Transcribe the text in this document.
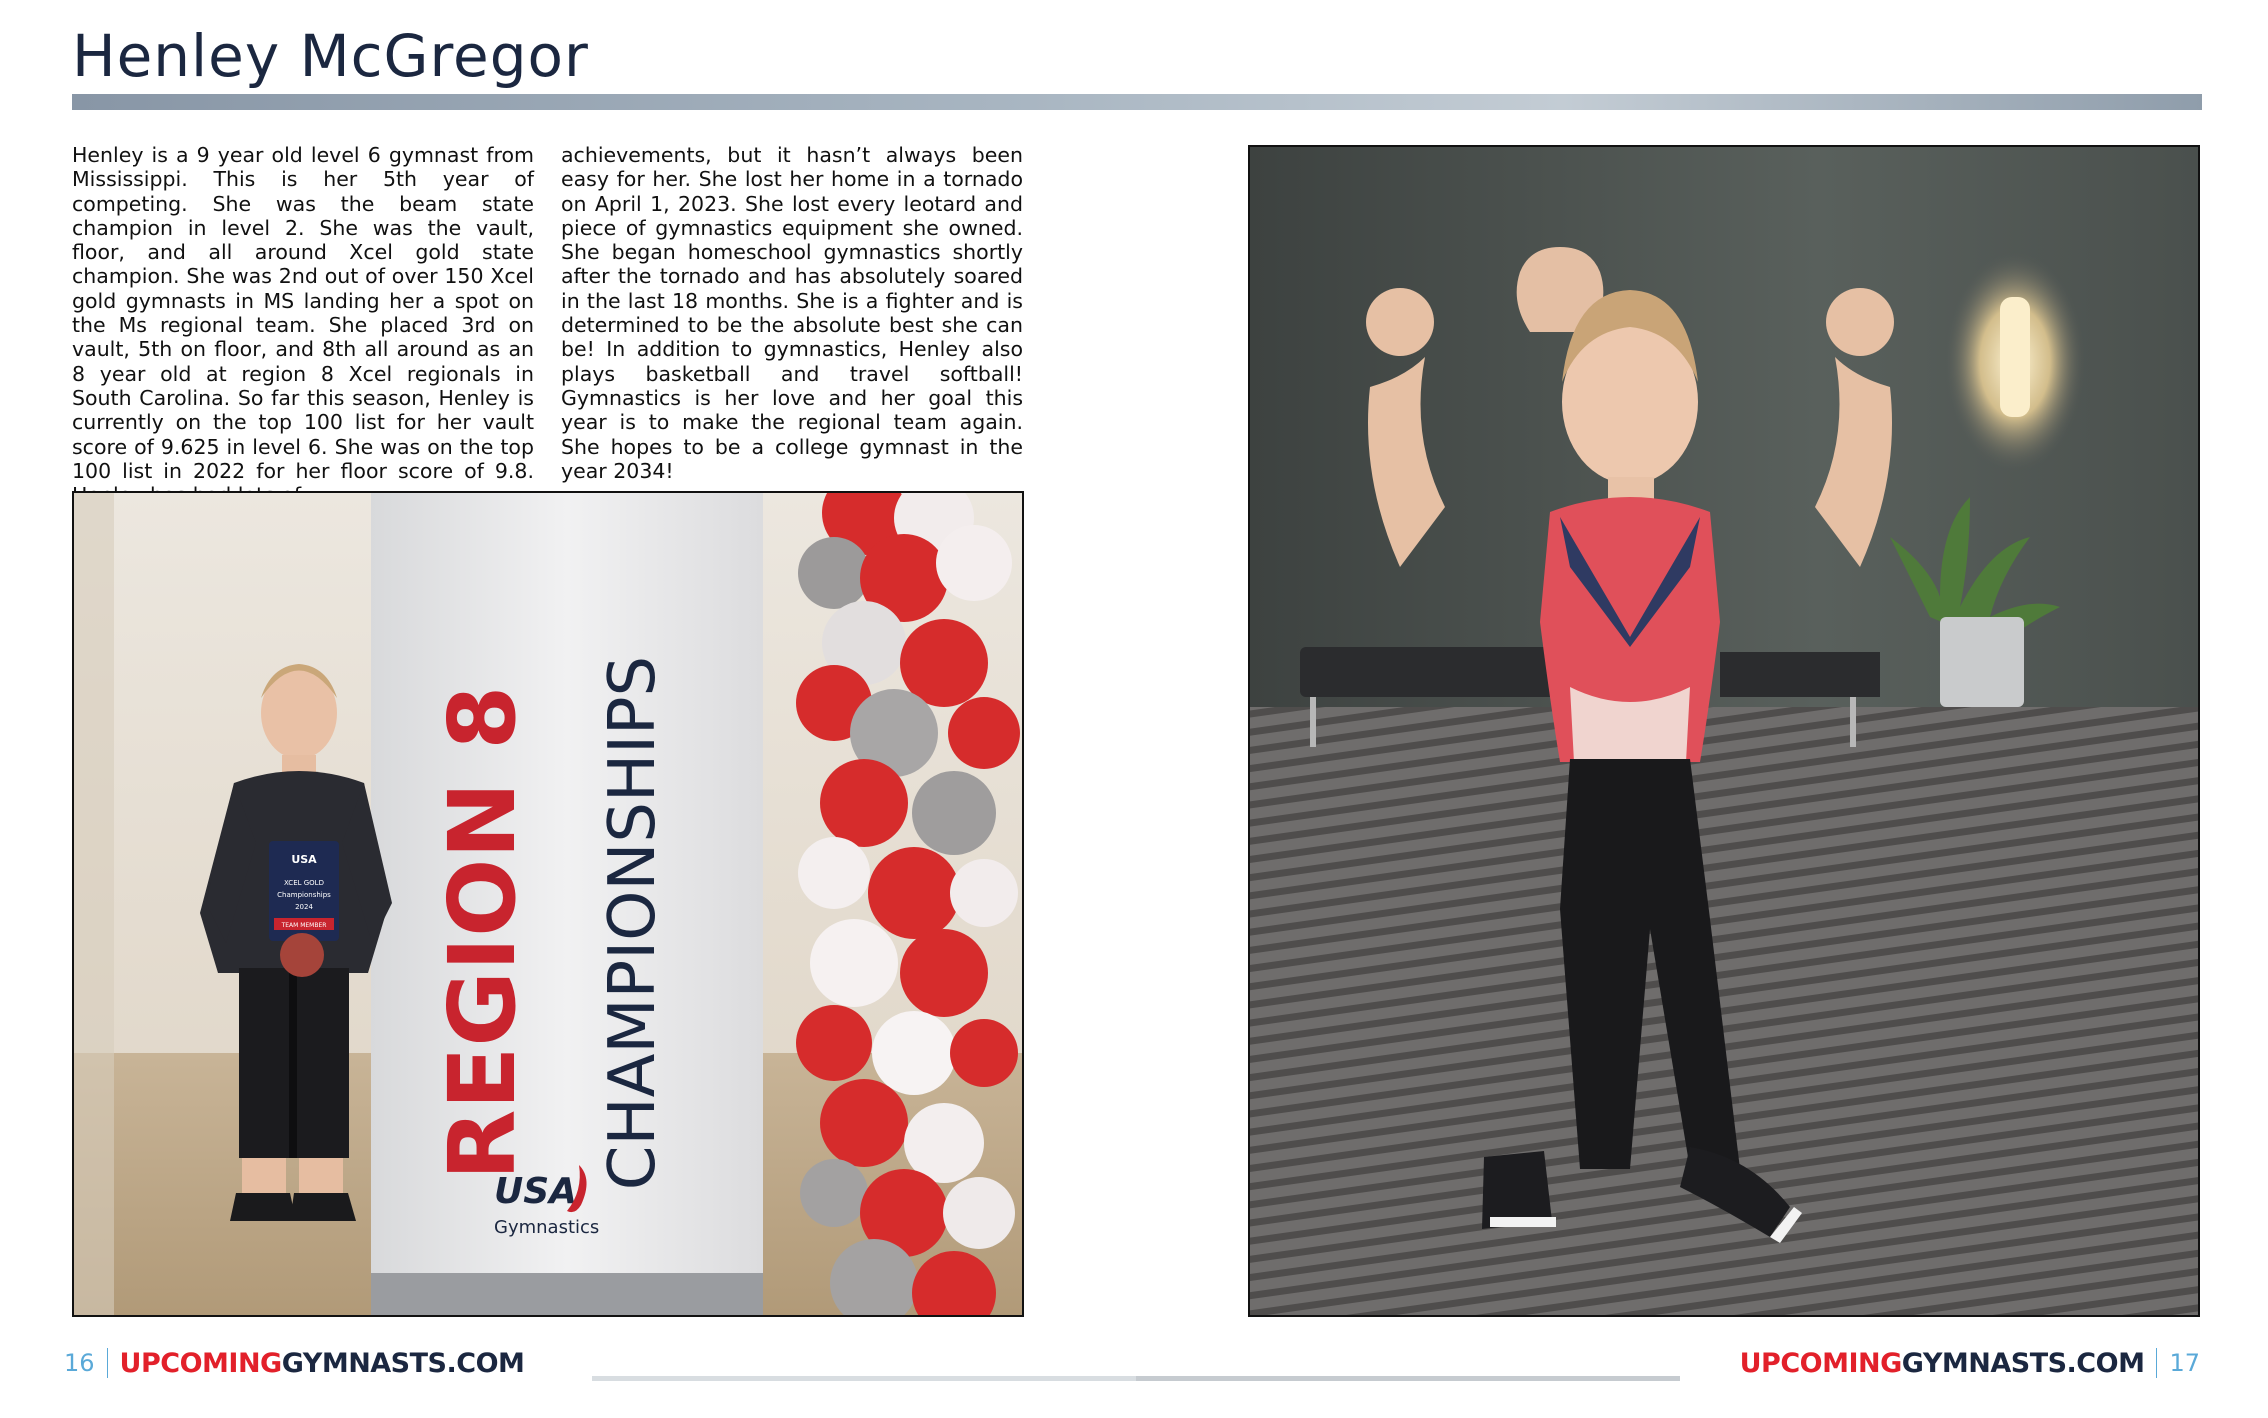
Henley McGregor

Henley is a 9 year old level 6 gymnast from Mississippi. This is her 5th year of competing. She was the beam state champion in level 2. She was the vault, floor, and all around Xcel gold state champion. She was 2nd out of over 150 Xcel gold gymnasts in MS landing her a spot on the Ms regional team. She placed 3rd on vault, 5th on floor, and 8th all around as an 8 year old at region 8 Xcel regionals in South Carolina. So far this season, Henley is currently on the top 100 list for her vault score of 9.625 in level 6. She was on the top 100 list in 2022 for her floor score of 9.8.

achievements, but it hasn’t always been easy for her. She lost her home in a tornado on April 1, 2023. She lost every leotard and piece of gymnastics equipment she owned. She began homeschool gymnastics shortly after the tornado and has absolutely soared in the last 18 months. She is a fighter and is determined to be the absolute best she can be! In addition to gymnastics, Henley also plays basketball and travel softball! Gymnastics is her love and her goal this year is to make the regional team again. She hopes to be a college gymnast in the year 2034!

REGION 8 CHAMPIONSHIPS
USA
Gymnastics
USA
XCEL GOLD
Championships
2024
TEAM MEMBER
16 UPCOMINGGYMNASTS.COM	UPCOMINGGYMNASTS.COM 17
